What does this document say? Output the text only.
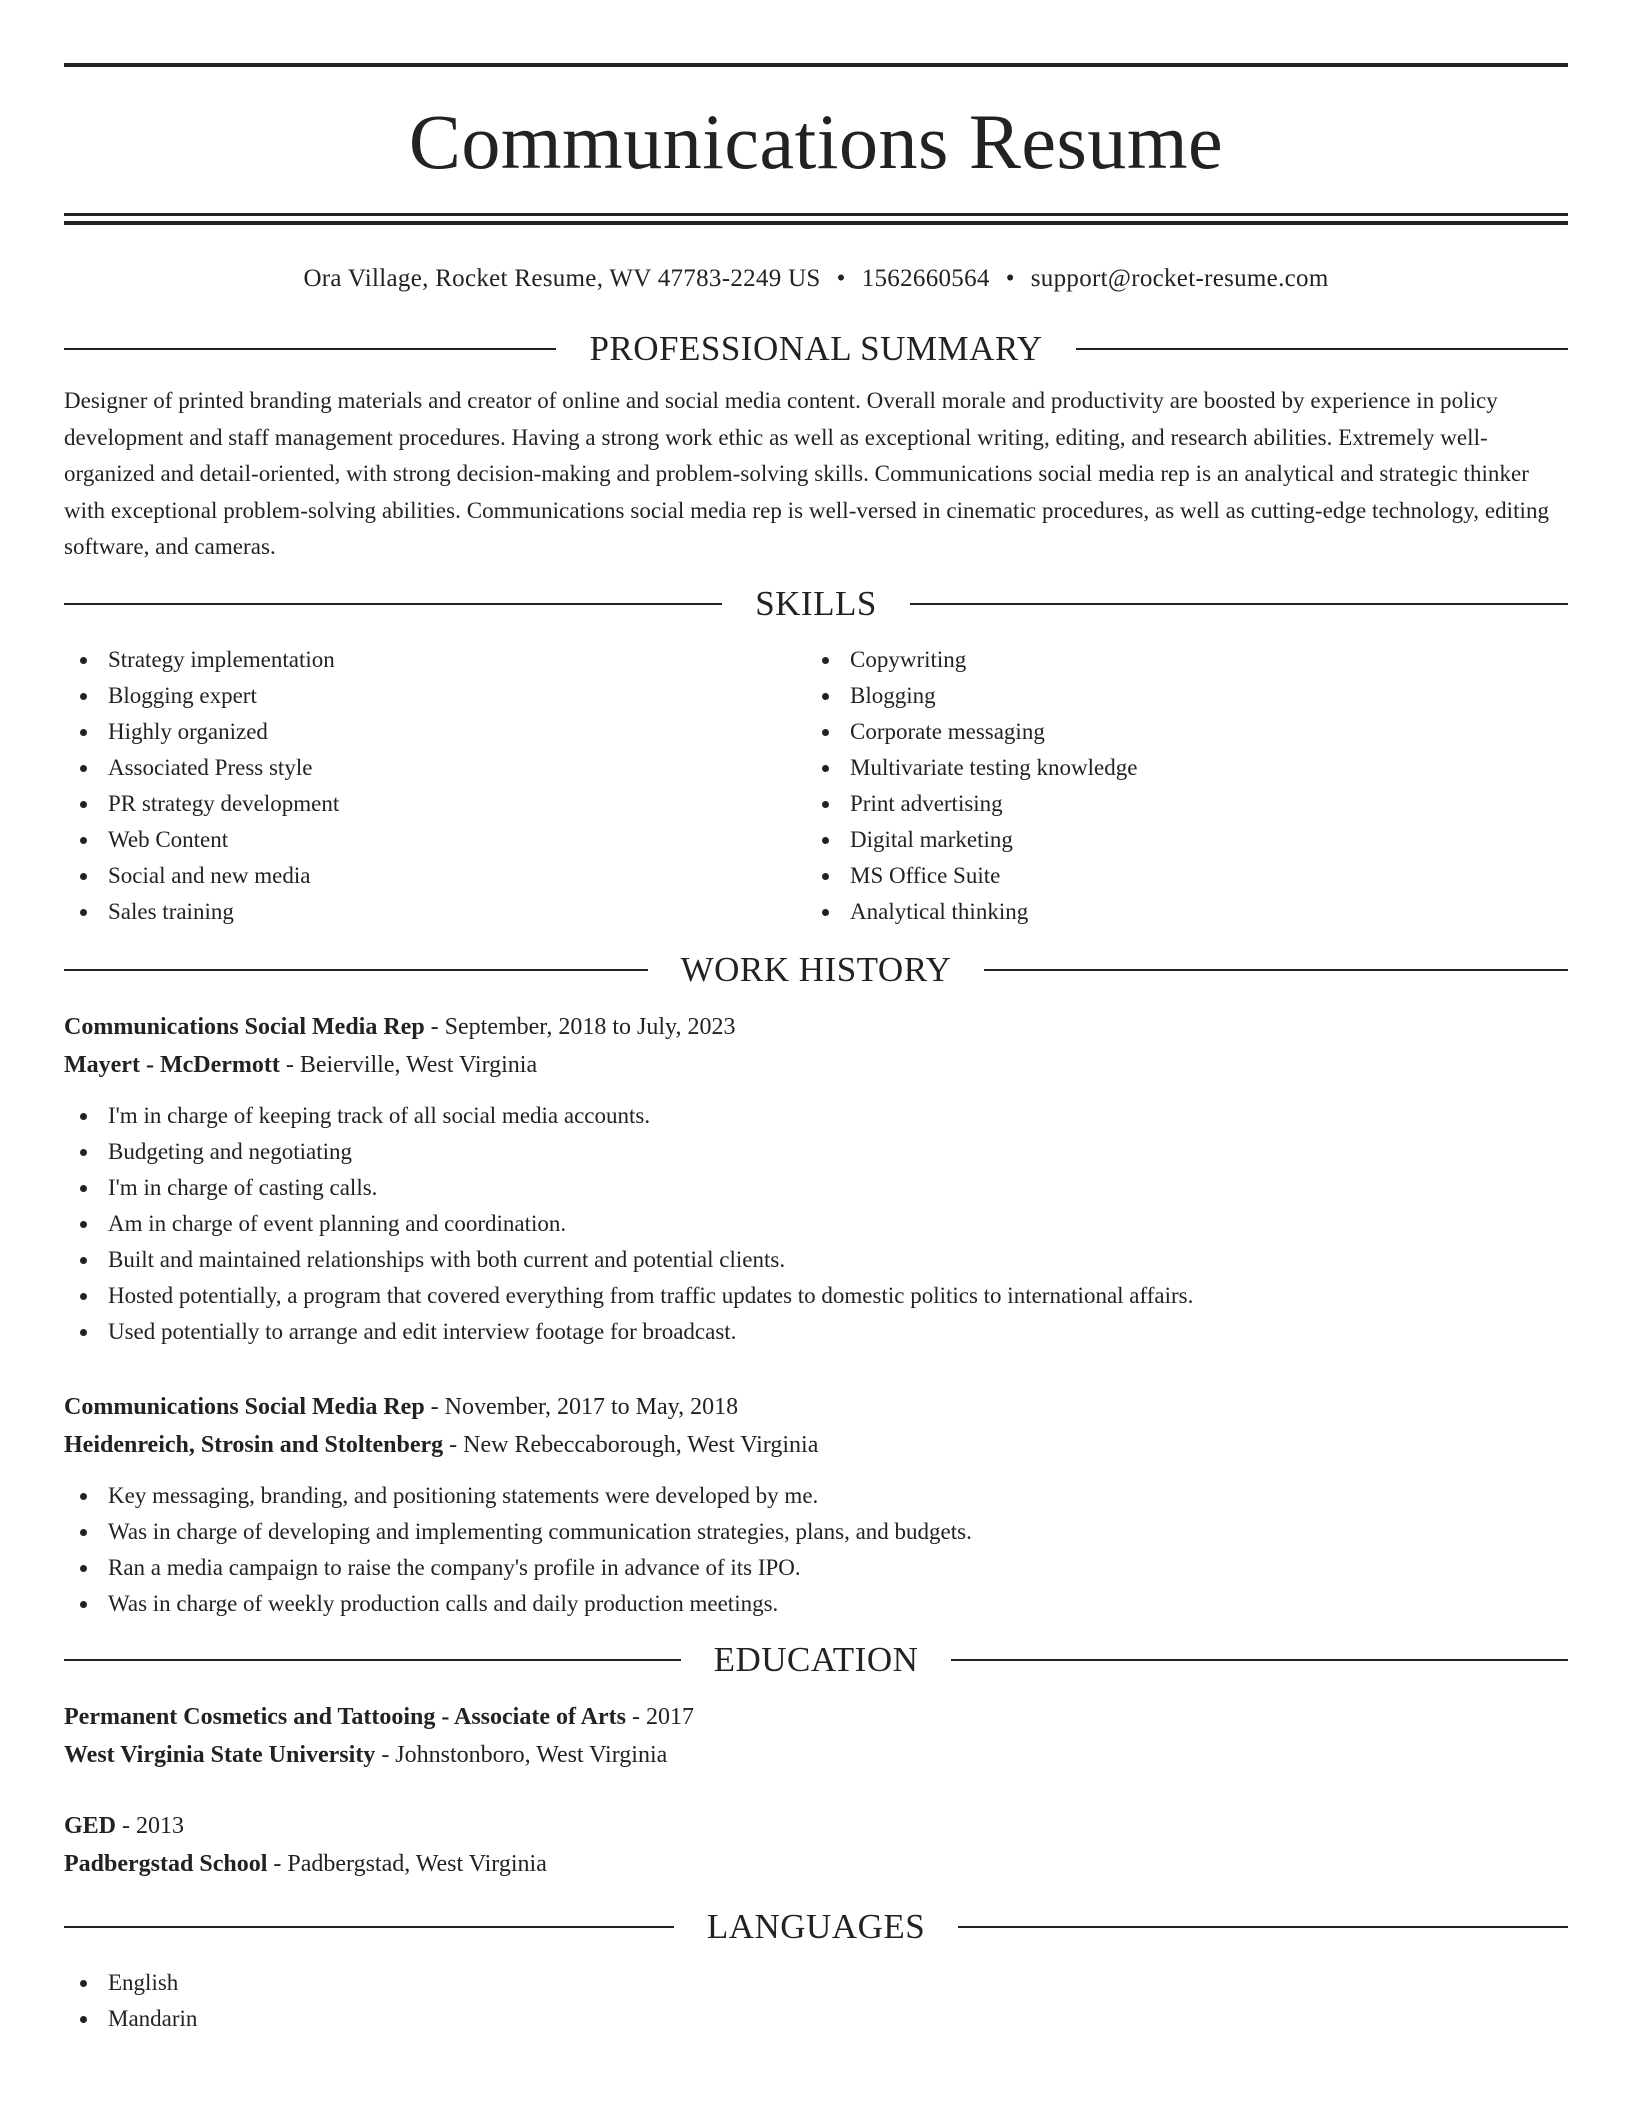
Communications Resume
Ora Village, Rocket Resume, WV 47783-2249 US • 1562660564 • support@rocket-resume.com
PROFESSIONAL SUMMARY
Designer of printed branding materials and creator of online and social media content. Overall morale and productivity are boosted by experience in policy development and staff management procedures. Having a strong work ethic as well as exceptional writing, editing, and research abilities. Extremely well-organized and detail-oriented, with strong decision-making and problem-solving skills. Communications social media rep is an analytical and strategic thinker with exceptional problem-solving abilities. Communications social media rep is well-versed in cinematic procedures, as well as cutting-edge technology, editing software, and cameras.
SKILLS
Strategy implementation
Blogging expert
Highly organized
Associated Press style
PR strategy development
Web Content
Social and new media
Sales training
Copywriting
Blogging
Corporate messaging
Multivariate testing knowledge
Print advertising
Digital marketing
MS Office Suite
Analytical thinking
WORK HISTORY
Communications Social Media Rep - September, 2018 to July, 2023
Mayert - McDermott - Beierville, West Virginia
I'm in charge of keeping track of all social media accounts.
Budgeting and negotiating
I'm in charge of casting calls.
Am in charge of event planning and coordination.
Built and maintained relationships with both current and potential clients.
Hosted potentially, a program that covered everything from traffic updates to domestic politics to international affairs.
Used potentially to arrange and edit interview footage for broadcast.
Communications Social Media Rep - November, 2017 to May, 2018
Heidenreich, Strosin and Stoltenberg - New Rebeccaborough, West Virginia
Key messaging, branding, and positioning statements were developed by me.
Was in charge of developing and implementing communication strategies, plans, and budgets.
Ran a media campaign to raise the company's profile in advance of its IPO.
Was in charge of weekly production calls and daily production meetings.
EDUCATION
Permanent Cosmetics and Tattooing - Associate of Arts - 2017
West Virginia State University - Johnstonboro, West Virginia
GED - 2013
Padbergstad School - Padbergstad, West Virginia
LANGUAGES
English
Mandarin
